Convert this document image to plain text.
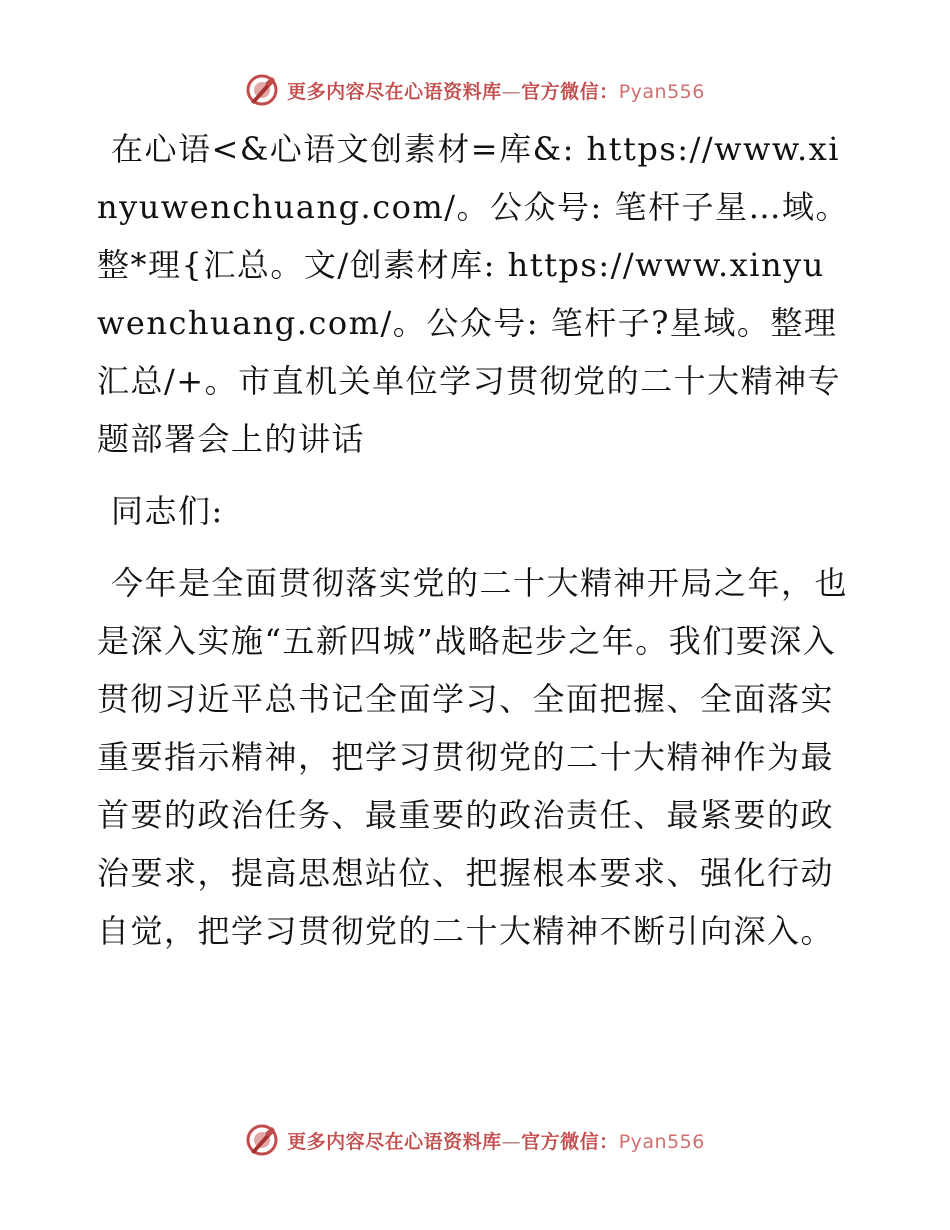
更多内容尽在心语资料库—官方微信：Pyan556

在心语<&心语文创素材=库&: https://www.xinyuwenchuang.com/。公众号: 笔杆子星…域。整*理{汇总。文/创素材库: https://www.xinyuwenchuang.com/。公众号: 笔杆子?星域。整理汇总/+。市直机关单位学习贯彻党的二十大精神专题部署会上的讲话

同志们:

今年是全面贯彻落实党的二十大精神开局之年，也是深入实施“五新四城”战略起步之年。我们要深入贯彻习近平总书记全面学习、全面把握、全面落实重要指示精神，把学习贯彻党的二十大精神作为最首要的政治任务、最重要的政治责任、最紧要的政治要求，提高思想站位、把握根本要求、强化行动自觉，把学习贯彻党的二十大精神不断引向深入。

更多内容尽在心语资料库—官方微信：Pyan556
